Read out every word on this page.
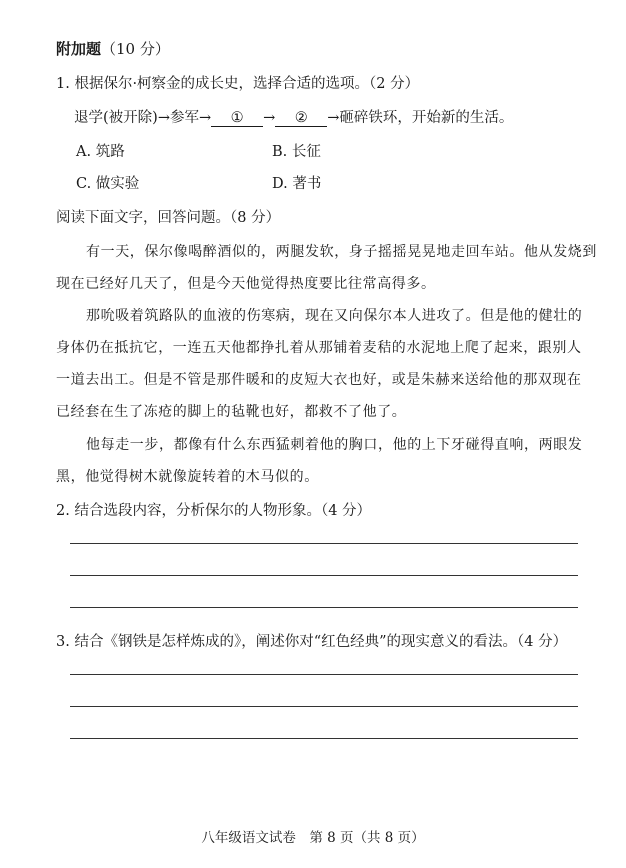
附加题（10 分）
1. 根据保尔·柯察金的成长史，选择合适的选项。（2 分）
退学(被开除)→参军→ ① → ② →砸碎铁环，开始新的生活。
A. 筑路	B. 长征
C. 做实验	D. 著书
阅读下面文字，回答问题。（8 分）
有一天，保尔像喝醉酒似的，两腿发软，身子摇摇晃晃地走回车站。他从发烧到
现在已经好几天了，但是今天他觉得热度要比往常高得多。
那吮吸着筑路队的血液的伤寒病，现在又向保尔本人进攻了。但是他的健壮的
身体仍在抵抗它，一连五天他都挣扎着从那铺着麦秸的水泥地上爬了起来，跟别人
一道去出工。但是不管是那件暖和的皮短大衣也好，或是朱赫来送给他的那双现在
已经套在生了冻疮的脚上的毡靴也好，都救不了他了。
他每走一步，都像有什么东西猛刺着他的胸口，他的上下牙碰得直响，两眼发
黑，他觉得树木就像旋转着的木马似的。
2. 结合选段内容，分析保尔的人物形象。（4 分）
3. 结合《钢铁是怎样炼成的》，阐述你对“红色经典”的现实意义的看法。（4 分）
八年级语文试卷　第 8 页（共 8 页）
